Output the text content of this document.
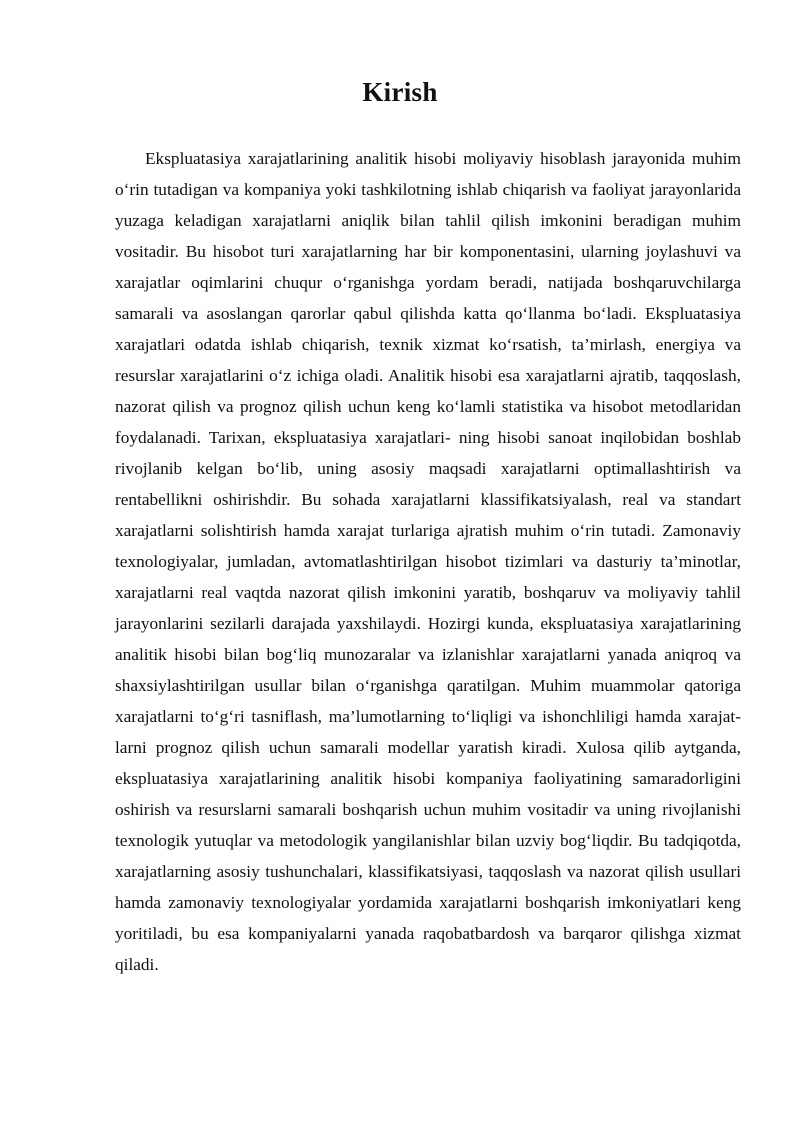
Kirish

Ekspluatasiya xarajatlarining analitik hisobi moliyaviy hisoblash jarayonida muhim o‘rin tutadigan va kompaniya yoki tashkilotning ishlab chiqarish va faoliyat jarayonlarida yuzaga keladigan xarajatlarni aniqlik bilan tahlil qilish imkonini beradigan muhim vositadir. Bu hisobot turi xarajatlarning har bir komponentasini, ularning joylashuvi va xarajatlar oqimlarini chuqur o‘rganishga yordam beradi, natijada boshqaruvchilarga samarali va asoslangan qarorlar qabul qilishda katta qo‘llanma bo‘ladi. Ekspluatasiya xarajatlari odatda ishlab chiqarish, texnik xizmat ko‘rsatish, ta’mirlash, energiya va resurslar xarajatlarini o‘z ichiga oladi. Analitik hisobi esa xarajatlarni ajratib, taqqoslash, nazorat qilish va prognoz qilish uchun keng ko‘lamli statistika va hisobot metodlaridan foydalanadi. Tarixan, ekspluatasiya xarajatlari- ning hisobi sanoat inqilobidan boshlab rivojlanib kelgan bo‘lib, uning asosiy maqsadi xarajatlarni optimallashtirish va rentabellikni oshirishdir. Bu sohada xarajatlarni klassifikatsiyalash, real va standart xarajatlarni solishtirish hamda xarajat turlariga ajratish muhim o‘rin tutadi. Zamonaviy texnologiyalar, jumladan, avtomatlashtirilgan hisobot tizimlari va dasturiy ta’minotlar, xarajatlarni real vaqtda nazorat qilish imkonini yaratib, boshqaruv va moliyaviy tahlil jarayonlarini sezilarli darajada yaxshilaydi. Hozirgi kunda, ekspluatasiya xarajatlarining analitik hisobi bilan bog‘liq munozaralar va izlanishlar xarajatlarni yanada aniqroq va shaxsiylashtirilgan usullar bilan o‘rganishga qaratilgan. Muhim muammolar qatoriga xarajatlarni to‘g‘ri tasniflash, ma’lumotlarning to‘liqligi va ishonchliligi hamda xarajatlarni prognoz qilish uchun samarali modellar yaratish kiradi. Xulosa qilib aytganda, ekspluatasiya xarajatlarining analitik hisobi kompaniya faoliyatining samaradorligini oshirish va resurslarni samarali boshqarish uchun muhim vositadir va uning rivojlanishi texnologik yutuqlar va metodologik yangilanishlar bilan uzviy bog‘liqdir. Bu tadqiqotda, xarajatlarning asosiy tushunchalari, klassifikatsiyasi, taqqoslash va nazorat qilish usullari hamda zamonaviy texnologiyalar yordamida xarajatlarni boshqarish imkoniyatlari keng yoritiladi, bu esa kompaniyalarni yanada raqobatbardosh va barqaror qilishga xizmat qiladi.
